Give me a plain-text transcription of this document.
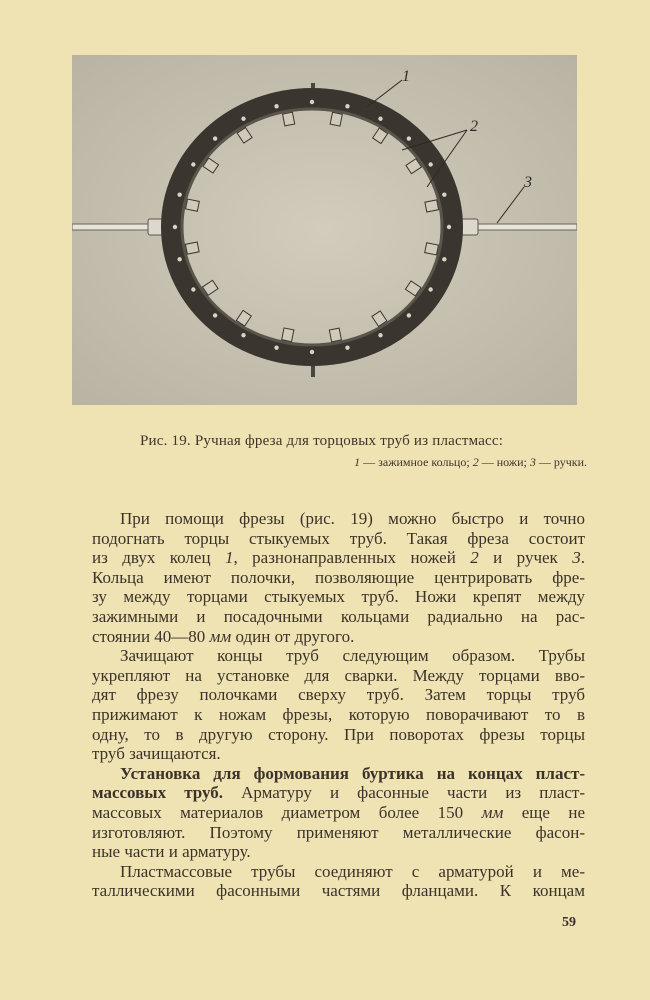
1
2
3
Рис. 19. Ручная фреза для торцовых труб из пластмасс:
1 — зажимное кольцо; 2 — ножи; 3 — ручки.
При помощи фрезы (рис. 19) можно быстро и точно
подогнать торцы стыкуемых труб. Такая фреза состоит
из двух колец 1, разнонаправленных ножей 2 и ручек 3.
Кольца имеют полочки, позволяющие центрировать фре-
зу между торцами стыкуемых труб. Ножи крепят между
зажимными и посадочными кольцами радиально на рас-
стоянии 40—80 мм один от другого.
Зачищают концы труб следующим образом. Трубы
укрепляют на установке для сварки. Между торцами вво-
дят фрезу полочками сверху труб. Затем торцы труб
прижимают к ножам фрезы, которую поворачивают то в
одну, то в другую сторону. При поворотах фрезы торцы
труб зачищаются.
Установка для формования буртика на концах пласт-
массовых труб. Арматуру и фасонные части из пласт-
массовых материалов диаметром более 150 мм еще не
изготовляют. Поэтому применяют металлические фасон-
ные части и арматуру.
Пластмассовые трубы соединяют с арматурой и ме-
таллическими фасонными частями фланцами. К концам
59
